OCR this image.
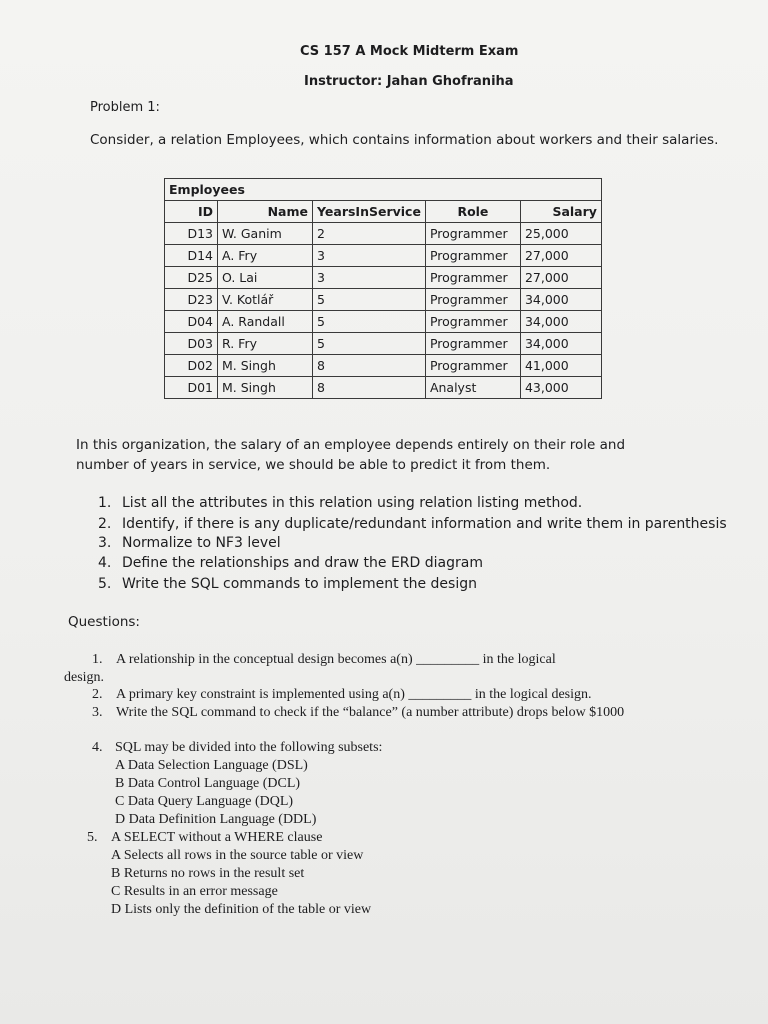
CS 157 A Mock Midterm Exam
Instructor: Jahan Ghofraniha
Problem 1:
Consider, a relation Employees, which contains information about workers and their salaries.
Employees				
ID	Name	YearsInService	Role	Salary
D13	W. Ganim	2	Programmer	25,000
D14	A. Fry	3	Programmer	27,000
D25	O. Lai	3	Programmer	27,000
D23	V. Kotlář	5	Programmer	34,000
D04	A. Randall	5	Programmer	34,000
D03	R. Fry	5	Programmer	34,000
D02	M. Singh	8	Programmer	41,000
D01	M. Singh	8	Analyst	43,000
In this organization, the salary of an employee depends entirely on their role and
number of years in service, we should be able to predict it from them.
1. List all the attributes in this relation using relation listing method.
2. Identify, if there is any duplicate/redundant information and write them in parenthesis
3. Normalize to NF3 level
4. Define the relationships and draw the ERD diagram
5. Write the SQL commands to implement the design
Questions:
1. A relationship in the conceptual design becomes a(n) _________ in the logical
design.
2. A primary key constraint is implemented using a(n) _________ in the logical design.
3. Write the SQL command to check if the “balance” (a number attribute) drops below $1000
4. SQL may be divided into the following subsets:
A Data Selection Language (DSL)
B Data Control Language (DCL)
C Data Query Language (DQL)
D Data Definition Language (DDL)
5. A SELECT without a WHERE clause
A Selects all rows in the source table or view
B Returns no rows in the result set
C Results in an error message
D Lists only the definition of the table or view
